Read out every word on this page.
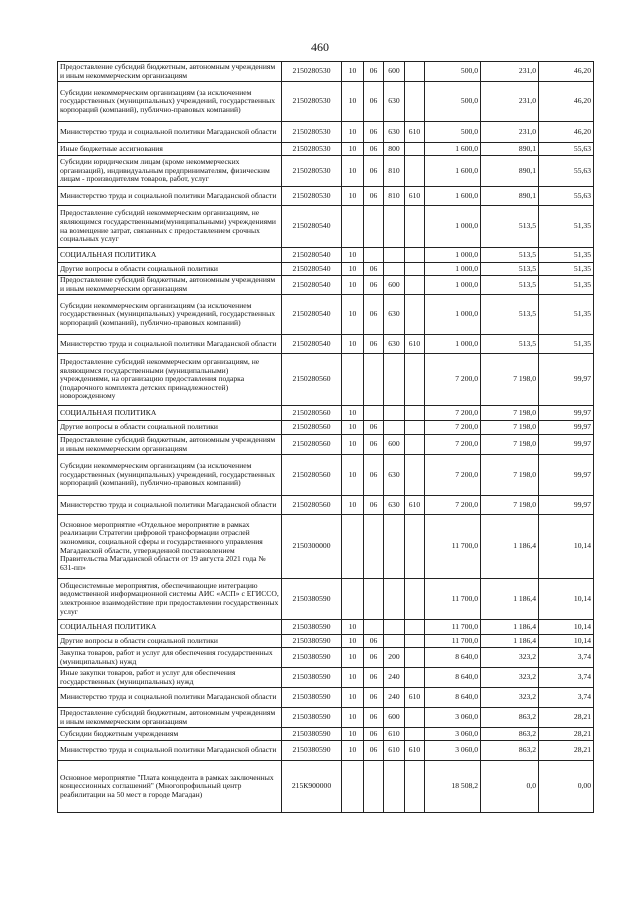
460
Предоставление субсидий бюджетным, автономным учреждениям и иным некоммерческим организациям	2150280530	10	06	600		500,0	231,0	46,20
Субсидии некоммерческим организациям (за исключением государственных (муниципальных) учреждений, государственных корпораций (компаний), публично-правовых компаний)	2150280530	10	06	630		500,0	231,0	46,20
Министерство труда и социальной политики Магаданской области	2150280530	10	06	630	610	500,0	231,0	46,20
Иные бюджетные ассигнования	2150280530	10	06	800		1 600,0	890,1	55,63
Субсидии юридическим лицам (кроме некоммерческих организаций), индивидуальным предпринимателям, физическим лицам - производителям товаров, работ, услуг	2150280530	10	06	810		1 600,0	890,1	55,63
Министерство труда и социальной политики Магаданской области	2150280530	10	06	810	610	1 600,0	890,1	55,63
Предоставление субсидий некоммерческим организациям, не являющимся государственными(муниципальными) учреждениями на возмещение затрат, связанных с предоставлением срочных социальных услуг	2150280540					1 000,0	513,5	51,35
СОЦИАЛЬНАЯ ПОЛИТИКА	2150280540	10				1 000,0	513,5	51,35
Другие вопросы в области социальной политики	2150280540	10	06			1 000,0	513,5	51,35
Предоставление субсидий бюджетным, автономным учреждениям и иным некоммерческим организациям	2150280540	10	06	600		1 000,0	513,5	51,35
Субсидии некоммерческим организациям (за исключением государственных (муниципальных) учреждений, государственных корпораций (компаний), публично-правовых компаний)	2150280540	10	06	630		1 000,0	513,5	51,35
Министерство труда и социальной политики Магаданской области	2150280540	10	06	630	610	1 000,0	513,5	51,35
Предоставление субсидий некоммерческим организациям, не являющимся государственными (муниципальными) учреждениями, на организацию предоставления подарка (подарочного комплекта детских принадлежностей) новорожденному	2150280560					7 200,0	7 198,0	99,97
СОЦИАЛЬНАЯ ПОЛИТИКА	2150280560	10				7 200,0	7 198,0	99,97
Другие вопросы в области социальной политики	2150280560	10	06			7 200,0	7 198,0	99,97
Предоставление субсидий бюджетным, автономным учреждениям и иным некоммерческим организациям	2150280560	10	06	600		7 200,0	7 198,0	99,97
Субсидии некоммерческим организациям (за исключением государственных (муниципальных) учреждений, государственных корпораций (компаний), публично-правовых компаний)	2150280560	10	06	630		7 200,0	7 198,0	99,97
Министерство труда и социальной политики Магаданской области	2150280560	10	06	630	610	7 200,0	7 198,0	99,97
Основное мероприятие «Отдельное мероприятие в рамках реализации Стратегии цифровой трансформации отраслей экономики, социальной сферы и государственного управления Магаданской области, утвержденной постановлением Правительства Магаданской области от 19 августа 2021 года № 631-пп»	2150300000					11 700,0	1 186,4	10,14
Общесистемные мероприятия, обеспечивающие интеграцию ведомственной информационной системы АИС «АСП» с ЕГИССО, электронное взаимодействие при предоставлении государственных услуг	2150380590					11 700,0	1 186,4	10,14
СОЦИАЛЬНАЯ ПОЛИТИКА	2150380590	10				11 700,0	1 186,4	10,14
Другие вопросы в области социальной политики	2150380590	10	06			11 700,0	1 186,4	10,14
Закупка товаров, работ и услуг для обеспечения государственных (муниципальных) нужд	2150380590	10	06	200		8 640,0	323,2	3,74
Иные закупки товаров, работ и услуг для обеспечения государственных (муниципальных) нужд	2150380590	10	06	240		8 640,0	323,2	3,74
Министерство труда и социальной политики Магаданской области	2150380590	10	06	240	610	8 640,0	323,2	3,74
Предоставление субсидий бюджетным, автономным учреждениям и иным некоммерческим организациям	2150380590	10	06	600		3 060,0	863,2	28,21
Субсидии бюджетным учреждениям	2150380590	10	06	610		3 060,0	863,2	28,21
Министерство труда и социальной политики Магаданской области	2150380590	10	06	610	610	3 060,0	863,2	28,21
Основное мероприятие "Плата концедента в рамках заключенных концессионных соглашений" (Многопрофильный центр реабилитации на 50 мест в городе Магадан)	215К900000					18 508,2	0,0	0,00
